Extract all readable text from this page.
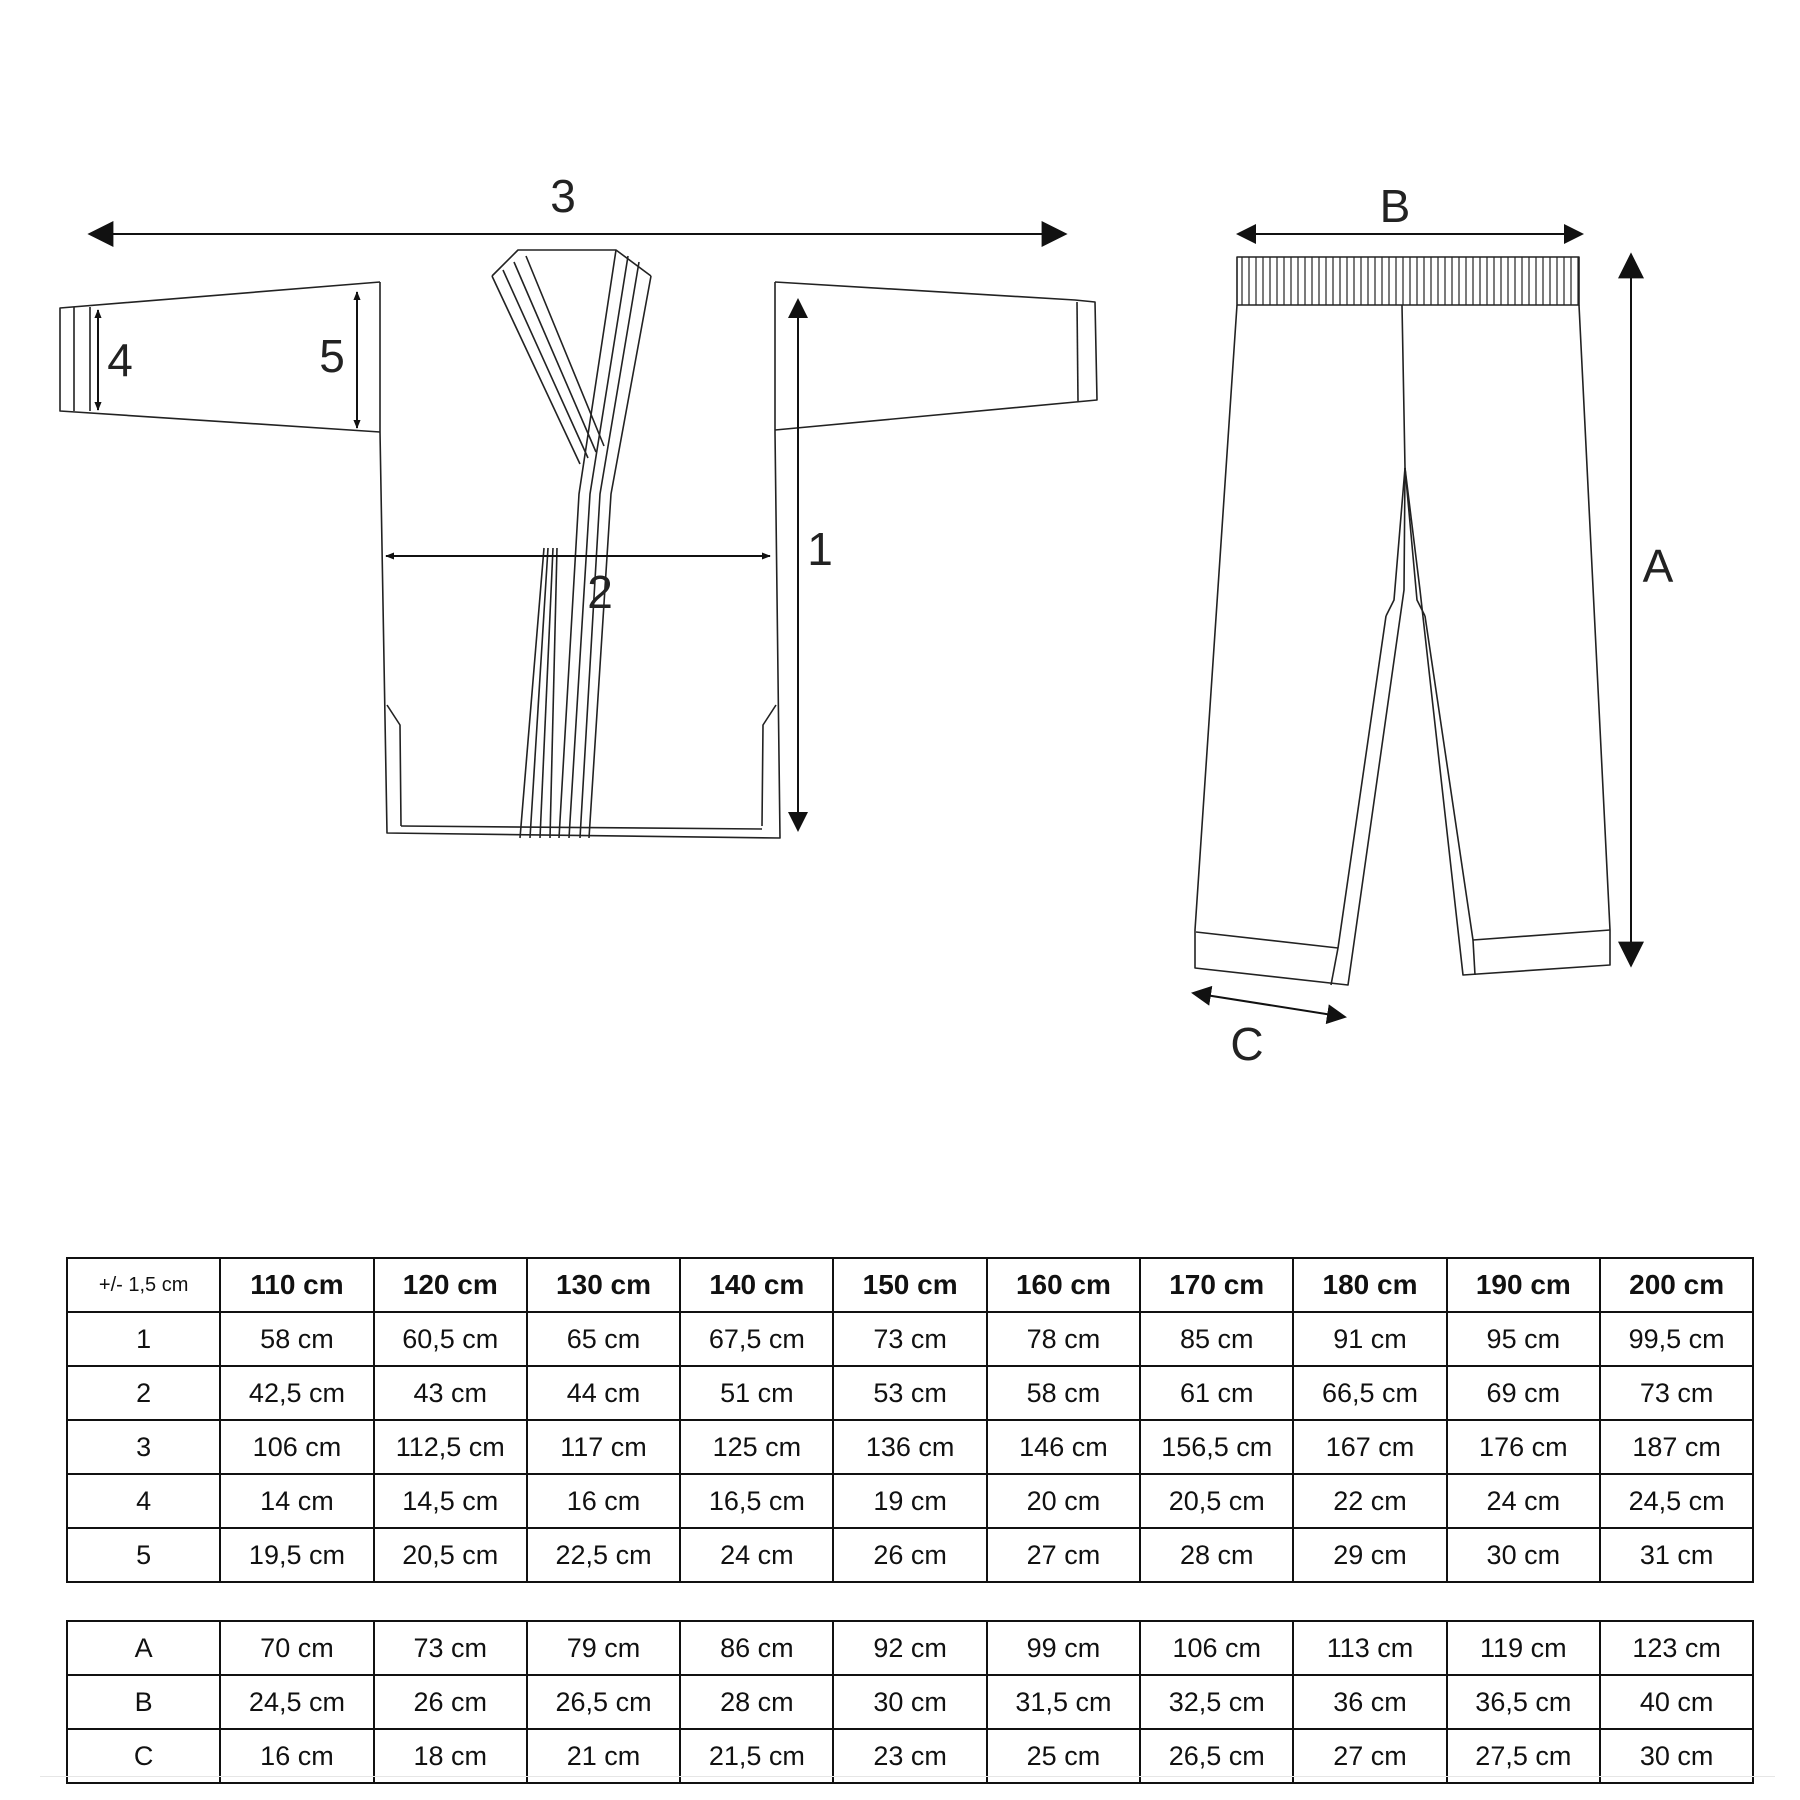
3
4	5
2
1
B
A
C
+/- 1,5 cm	110 cm	120 cm	130 cm	140 cm	150 cm	160 cm	170 cm	180 cm	190 cm	200 cm
1	58 cm	60,5 cm	65 cm	67,5 cm	73 cm	78 cm	85 cm	91 cm	95 cm	99,5 cm
2	42,5 cm	43 cm	44 cm	51 cm	53 cm	58 cm	61 cm	66,5 cm	69 cm	73 cm
3	106 cm	112,5 cm	117 cm	125 cm	136 cm	146 cm	156,5 cm	167 cm	176 cm	187 cm
4	14 cm	14,5 cm	16 cm	16,5 cm	19 cm	20 cm	20,5 cm	22 cm	24 cm	24,5 cm
5	19,5 cm	20,5 cm	22,5 cm	24 cm	26 cm	27 cm	28 cm	29 cm	30 cm	31 cm
A	70 cm	73 cm	79 cm	86 cm	92 cm	99 cm	106 cm	113 cm	119 cm	123 cm
B	24,5 cm	26 cm	26,5 cm	28 cm	30 cm	31,5 cm	32,5 cm	36 cm	36,5 cm	40 cm
C	16 cm	18 cm	21 cm	21,5 cm	23 cm	25 cm	26,5 cm	27 cm	27,5 cm	30 cm
